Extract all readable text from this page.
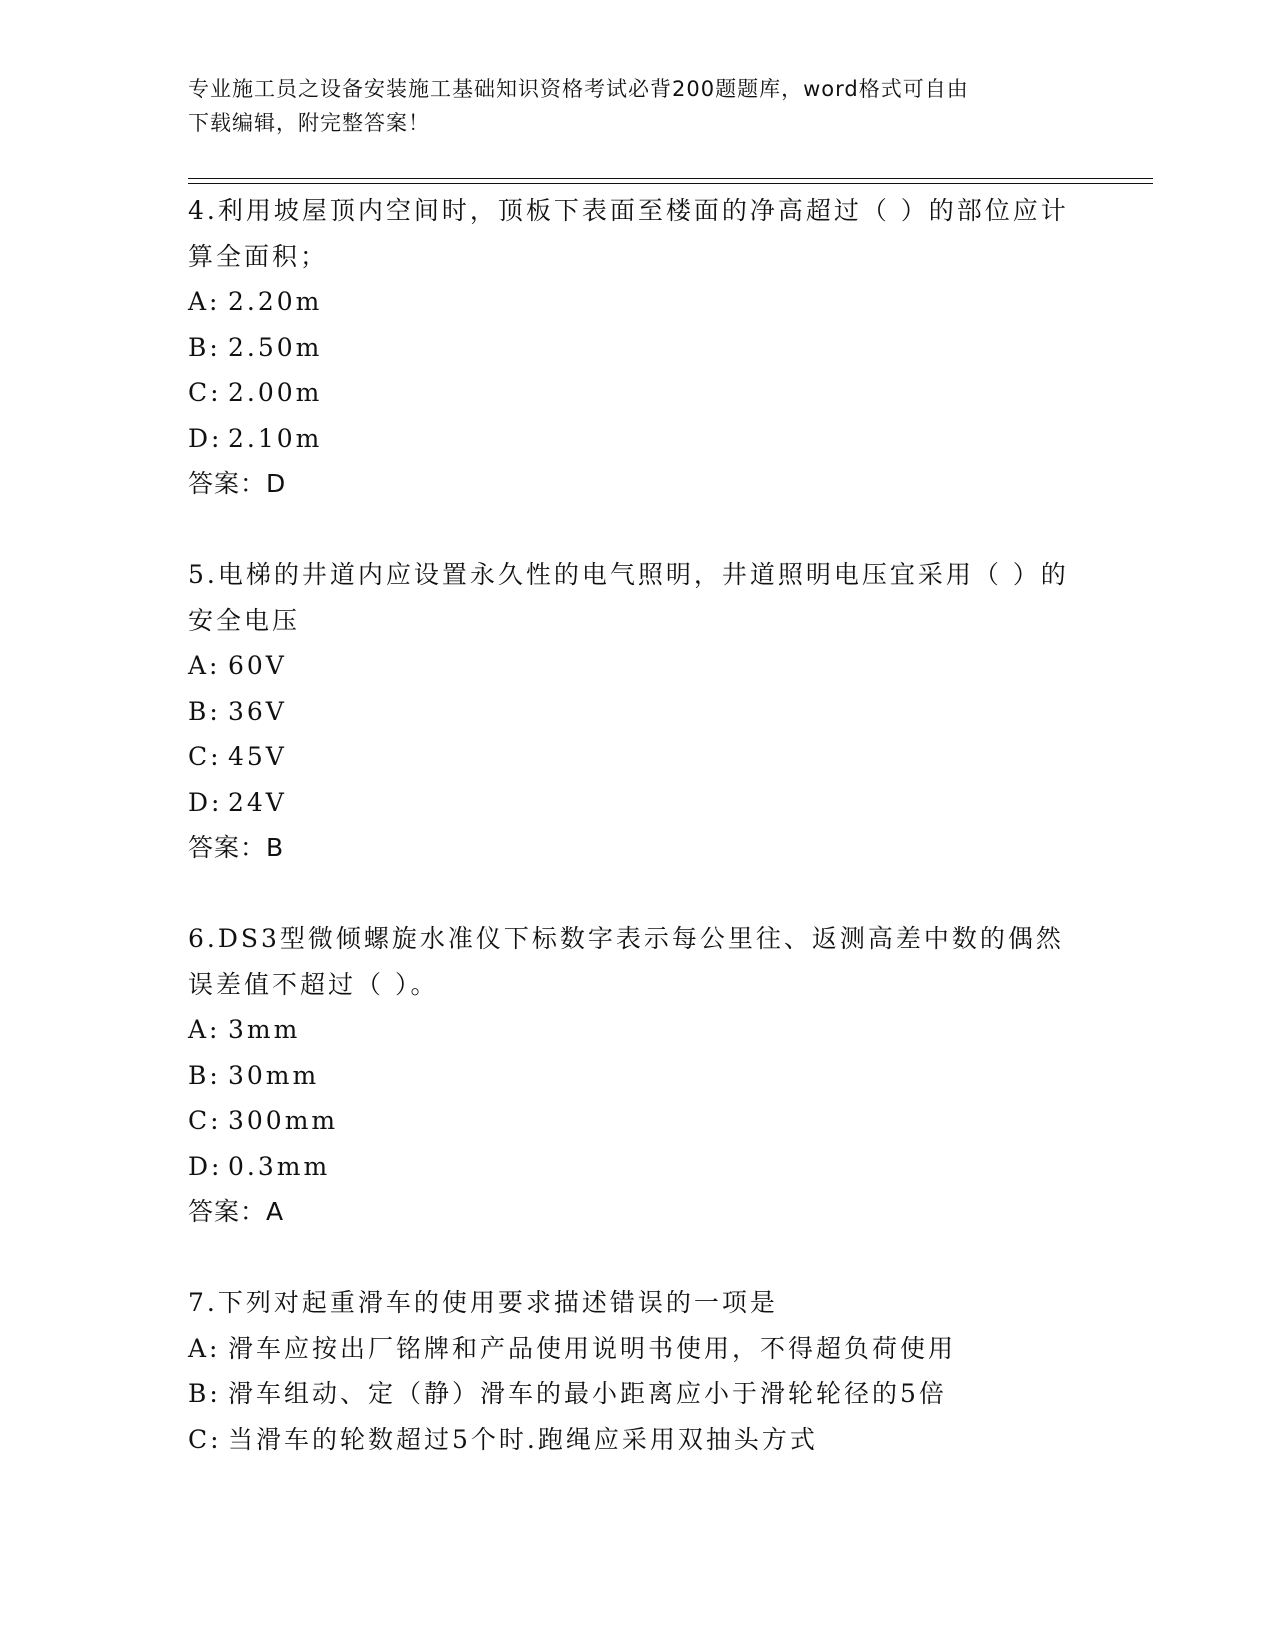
专业施工员之设备安装施工基础知识资格考试必背200题题库，word格式可自由
下载编辑，附完整答案！

4.利用坡屋顶内空间时，顶板下表面至楼面的净高超过（ ）的部位应计算全面积；

A: 2.20m

B: 2.50m

C: 2.00m

D: 2.10m

答案：D

5.电梯的井道内应设置永久性的电气照明，井道照明电压宜采用（ ）的安全电压

A: 60V

B: 36V

C: 45V

D: 24V

答案：B

6.DS3型微倾螺旋水准仪下标数字表示每公里往、返测高差中数的偶然误差值不超过（ ）。

A: 3mm

B: 30mm

C: 300mm

D: 0.3mm

答案：A

7.下列对起重滑车的使用要求描述错误的一项是

A: 滑车应按出厂铭牌和产品使用说明书使用，不得超负荷使用

B: 滑车组动、定（静）滑车的最小距离应小于滑轮轮径的5倍

C: 当滑车的轮数超过5个时.跑绳应采用双抽头方式
